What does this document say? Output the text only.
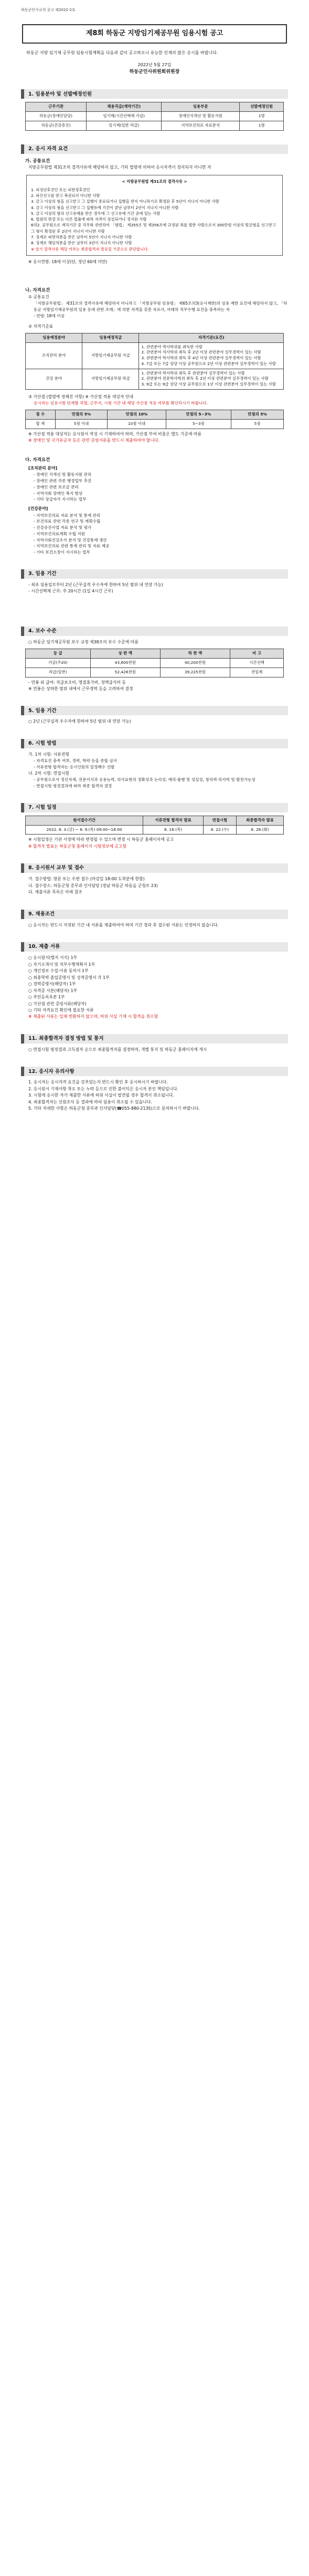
하동군인사규칙 공고 제2022-2호
제8회 하동군 지방임기제공무원 임용시험 공고
하동군 지방 임기제 공무원 임용시험계획을 다음과 같이 공고하오니 유능한 인재의 많은 응시를 바랍니다.
2022년 5월 27일
하동군인사위원회위원장
1. 임용분야 및 선발예정인원
근무기관	채용직급(계약기간)	임용부문	선발예정인원
하동군(장애인담당)	임기제(시간선택제 가급)	장애인식개선 및 활동지원	1명
하동군(건강증진)	임기제(일반 라급)	지역보건의료 자료분석	1명
2. 응시 자격 요건
가. 공통요건
지방공무원법 제31조의 결격사유에 해당하지 않고, 기타 법령에 의하여 응시자격이 정지되지 아니한 자
< 지방공무원법 제31조의 결격사유 >
1. 피성년후견인 또는 피한정후견인
2. 파산선고를 받고 복권되지 아니한 사람
3. 금고 이상의 형을 선고받고 그 집행이 종료되거나 집행을 받지 아니하기로 확정된 후 5년이 지나지 아니한 사람
4. 금고 이상의 형을 선고받고 그 집행유예 기간이 끝난 날부터 2년이 지나지 아니한 사람
5. 금고 이상의 형의 선고유예를 받은 경우에 그 선고유예 기간 중에 있는 사람
6. 법원의 판결 또는 다른 법률에 따라 자격이 상실되거나 정지된 사람
6의2. 공무원으로 재직기간 중 직무와 관련하여 「형법」 제355조 및 제356조에 규정된 죄를 범한 사람으로서 300만원 이상의 벌금형을 선고받고 그 형이 확정된 후 2년이 지나지 아니한 사람
7. 징계로 파면처분을 받은 날부터 5년이 지나지 아니한 사람
8. 징계로 해임처분을 받은 날부터 3년이 지나지 아니한 사람
※ 상기 결격사유 해당 여부는 최종합격자 발표일 기준으로 판단합니다.
※ 응시연령: 18세 이상(단, 정년 60세 미만)
나. 자격요건
① 공통요건
「지방공무원법」 제31조의 결격사유에 해당하지 아니하고 「지방공무원 임용령」 제65조의3(응시제한)의 임용 제한 요건에 해당하지 않고, 「하동군 지방임기제공무원의 임용 등에 관한 조례」에 의한 자격을 갖춘 자로서, 아래의 직무수행 요건을 충족하는 자
- 연령: 18세 이상
② 자격기준표
임용예정분야	임용예정직급	자격기준(요건)
조직관리 분야	지방임기제공무원 가급	1. 관련분야 박사학위를 취득한 사람
2. 관련분야 석사학위 취득 후 2년 이상 관련분야 실무경력이 있는 사람
3. 관련분야 학사학위 취득 후 4년 이상 관련분야 실무경력이 있는 사람
4. 7급 또는 7급 상당 이상 공무원으로 2년 이상 관련분야 실무경력이 있는 사람

건강 분야	지방임기제공무원 라급	1. 관련분야 학사학위 취득 후 관련분야 실무경력이 있는 사람
2. 관련분야 전문학사학위 취득 후 2년 이상 관련분야 실무경력이 있는 사람
3. 9급 또는 9급 상당 이상 공무원으로 1년 이상 관련분야 실무경력이 있는 사람
③ 가산점 (법령에 정해진 사항) ※ 가산점 적용 대상자 안내
응시자는 임용시험 단계별 직렬, 근무지, 시험 기간 내 해당 가산점 적용 여부를 확인하시기 바랍니다.
점 수	만점의 5%	만점의 10%	만점의 5~3%	만점의 5%
합 계	5점 이내	10점 이내	5~3점	5점
※ 가산점 적용 대상자는 응시원서 작성 시 기재하여야 하며, 가산점 부여 비율은 별도 기준에 따름
※ 장애인 및 국가유공자 등은 관련 증빙서류를 반드시 제출하여야 합니다.
다. 자격요건
[조직관리 분야]
- 장애인 식개선 및 활동지원 관리
- 장애인 관련 각종 행정업무 추진
- 장애인 관련 보조금 관리
- 지역사회 장애인 복지 향상
- 기타 상급자가 지시하는 업무
[건강분야]
- 지역보건의료 자료 분석 및 통계 관리
- 보건의료 관련 각종 연구 및 계획수립
- 건강증진사업 자료 분석 및 평가
- 지역보건의료계획 수립 지원
- 지역사회건강조사 분석 및 건강통계 생산
- 지역보건의료 관련 통계 관리 및 자료 제공
- 기타 보건소장이 지시하는 업무
3. 임용 기간
- 최초 임용일로부터 2년 (근무실적 우수자에 한하여 5년 범위 내 연장 가능)
- 시간선택제 근무: 주 20시간 (1일 4시간 근무)
4. 보수 수준
○ 하동군 임기제공무원 보수 규정 제38조의 보수 수준에 따름
등 급	상 한 액	하 한 액	비 고
가급(주20)	43,600천원	40,200천원	시간선택
라급(일반)	52,426천원	39,225천원	전일제
- 연봉 외 급여: 직급보조비, 명절휴가비, 정액급식비 등
※ 연봉은 상하한 범위 내에서 근무경력 등을 고려하여 결정
5. 임용 기간
○ 2년 (근무실적 우수자에 한하여 5년 범위 내 연장 가능)
6. 시험 방법
가. 1차 시험: 서류전형
- 자격요건 충족 여부, 경력, 학력 등을 종합 심사
- 서류전형 합격자는 응시인원의 일정배수 선발
나. 2차 시험: 면접시험
- 공무원으로서 정신자세, 전문지식과 응용능력, 의사표현의 정확성과 논리성, 예의·품행 및 성실성, 창의력·의지력 및 발전가능성
- 면접시험 평정결과에 따라 최종 합격자 결정
7. 시험 일정
원서접수기간	서류전형 합격자 발표	면접시험	최종합격자 발표
2022. 6. 3.(금) ~ 6. 9.(목) 09:00~18:00	6. 16.(목)	6. 22.(수)	6. 28.(화)
※ 시험일정은 기관 사정에 따라 변경될 수 있으며 변경 시 하동군 홈페이지에 공고
※ 합격자 발표는 하동군청 홈페이지 시험정보에 공고함
8. 응시원서 교부 및 접수
가. 접수방법: 방문 또는 우편 접수 (마감일 18:00 도착분에 한함)
나. 접수장소: 하동군청 총무과 인사담당 (경남 하동군 하동읍 군청로 23)
다. 제출서류 목록은 아래 참조
9. 채용조건
○ 응시자는 반드시 지정된 기간 내 서류를 제출하여야 하며 기간 경과 후 접수된 서류는 인정하지 않습니다.
10. 제출 서류
○ 응시원서(별지 서식) 1부
○ 자기소개서 및 직무수행계획서 1부
○ 개인정보 수집·이용 동의서 1부
○ 최종학력 졸업증명서 및 성적증명서 각 1부
○ 경력증명서(해당자) 1부
○ 자격증 사본(해당자) 1부
○ 주민등록초본 1부
○ 가산점 관련 증빙서류(해당자)
○ 기타 자격요건 확인에 필요한 서류
※ 제출된 서류는 일체 반환하지 않으며, 허위 사실 기재 시 합격을 취소함
11. 최종합격자 결정 방법 및 통지
○ 면접시험 평정결과 고득점자 순으로 최종합격자를 결정하며, 개별 통지 및 하동군 홈페이지에 게시
12. 응시자 유의사항
1. 응시자는 응시자격 요건을 갖추었는지 반드시 확인 후 응시하시기 바랍니다.
2. 응시원서 기재사항 착오 또는 누락 등으로 인한 불이익은 응시자 본인 책임입니다.
3. 시험에 응시한 자가 제출한 서류에 허위 사실이 발견될 경우 합격이 취소됩니다.
4. 최종합격자는 신원조사 등 결과에 따라 임용이 취소될 수 있습니다.
5. 기타 자세한 사항은 하동군청 총무과 인사담당(☎055-880-2135)으로 문의하시기 바랍니다.
